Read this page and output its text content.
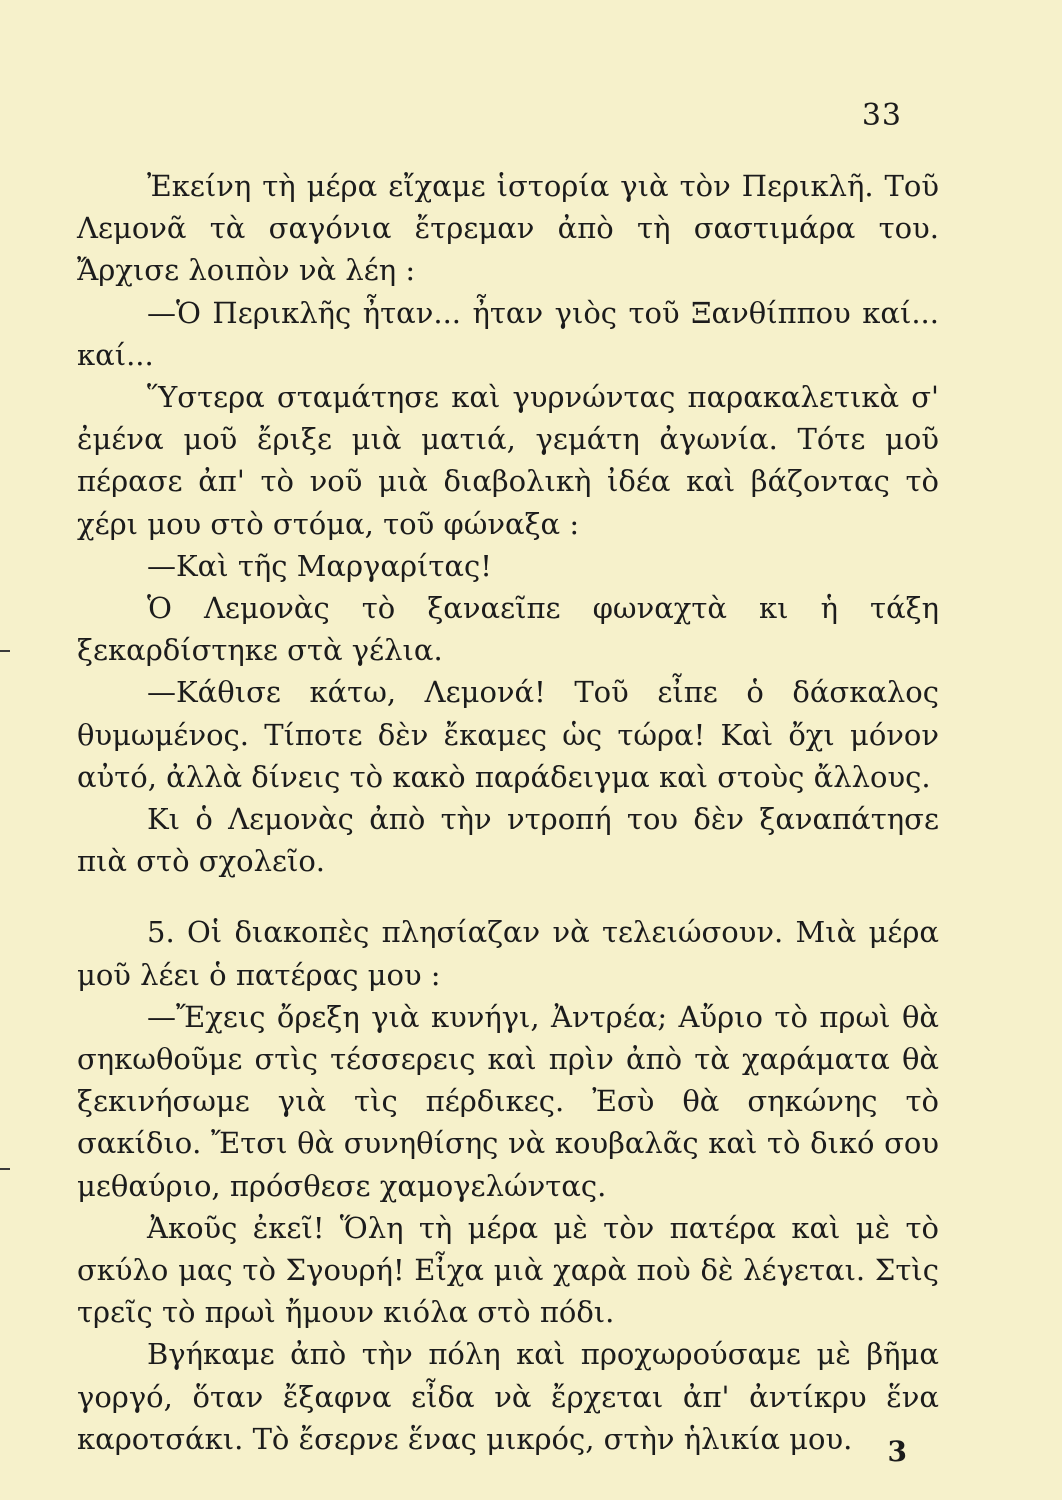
33

Ἐκείνη τὴ μέρα εἴχαμε ἱστορία γιὰ τὸν Περικλῆ. Τοῦ Λεμονᾶ τὰ σαγόνια ἔτρεμαν ἀπὸ τὴ σαστιμάρα του. Ἄρχισε λοιπὸν νὰ λέη :

—Ὁ Περικλῆς ἦταν... ἦταν γιὸς τοῦ Ξανθίππου καί... καί...

Ὕστερα σταμάτησε καὶ γυρνώντας παρακαλετικὰ σ' ἐμένα μοῦ ἔριξε μιὰ ματιά, γεμάτη ἀγωνία. Τότε μοῦ πέρασε ἀπ' τὸ νοῦ μιὰ διαβολικὴ ἰδέα καὶ βάζοντας τὸ χέρι μου στὸ στόμα, τοῦ φώναξα :

—Καὶ τῆς Μαργαρίτας!

Ὁ Λεμονὰς τὸ ξαναεῖπε φωναχτὰ κι ἡ τάξη ξεκαρδίστηκε στὰ γέλια.

—Κάθισε κάτω, Λεμονά! Τοῦ εἶπε ὁ δάσκαλος θυμωμένος. Τίποτε δὲν ἔκαμες ὡς τώρα! Καὶ ὄχι μόνον αὐτό, ἀλλὰ δίνεις τὸ κακὸ παράδειγμα καὶ στοὺς ἄλλους.

Κι ὁ Λεμονὰς ἀπὸ τὴν ντροπή του δὲν ξαναπάτησε πιὰ στὸ σχολεῖο.

5. Οἱ διακοπὲς πλησίαζαν νὰ τελειώσουν. Μιὰ μέρα μοῦ λέει ὁ πατέρας μου :

—Ἔχεις ὄρεξη γιὰ κυνήγι, Ἀντρέα; Αὔριο τὸ πρωὶ θὰ σηκωθοῦμε στὶς τέσσερεις καὶ πρὶν ἀπὸ τὰ χαράματα θὰ ξεκινήσωμε γιὰ τὶς πέρδικες. Ἐσὺ θὰ σηκώνης τὸ σακίδιο. Ἔτσι θὰ συνηθίσης νὰ κουβαλᾶς καὶ τὸ δικό σου μεθαύριο, πρόσθεσε χαμογελώντας.

Ἀκοῦς ἐκεῖ! Ὅλη τὴ μέρα μὲ τὸν πατέρα καὶ μὲ τὸ σκύλο μας τὸ Σγουρή! Εἶχα μιὰ χαρὰ ποὺ δὲ λέγεται. Στὶς τρεῖς τὸ πρωὶ ἤμουν κιόλα στὸ πόδι.

Βγήκαμε ἀπὸ τὴν πόλη καὶ προχωρούσαμε μὲ βῆμα γοργό, ὅταν ἔξαφνα εἶδα νὰ ἔρχεται ἀπ' ἀντίκρυ ἕνα καροτσάκι. Τὸ ἔσερνε ἕνας μικρός, στὴν ἡλικία μου.	3
